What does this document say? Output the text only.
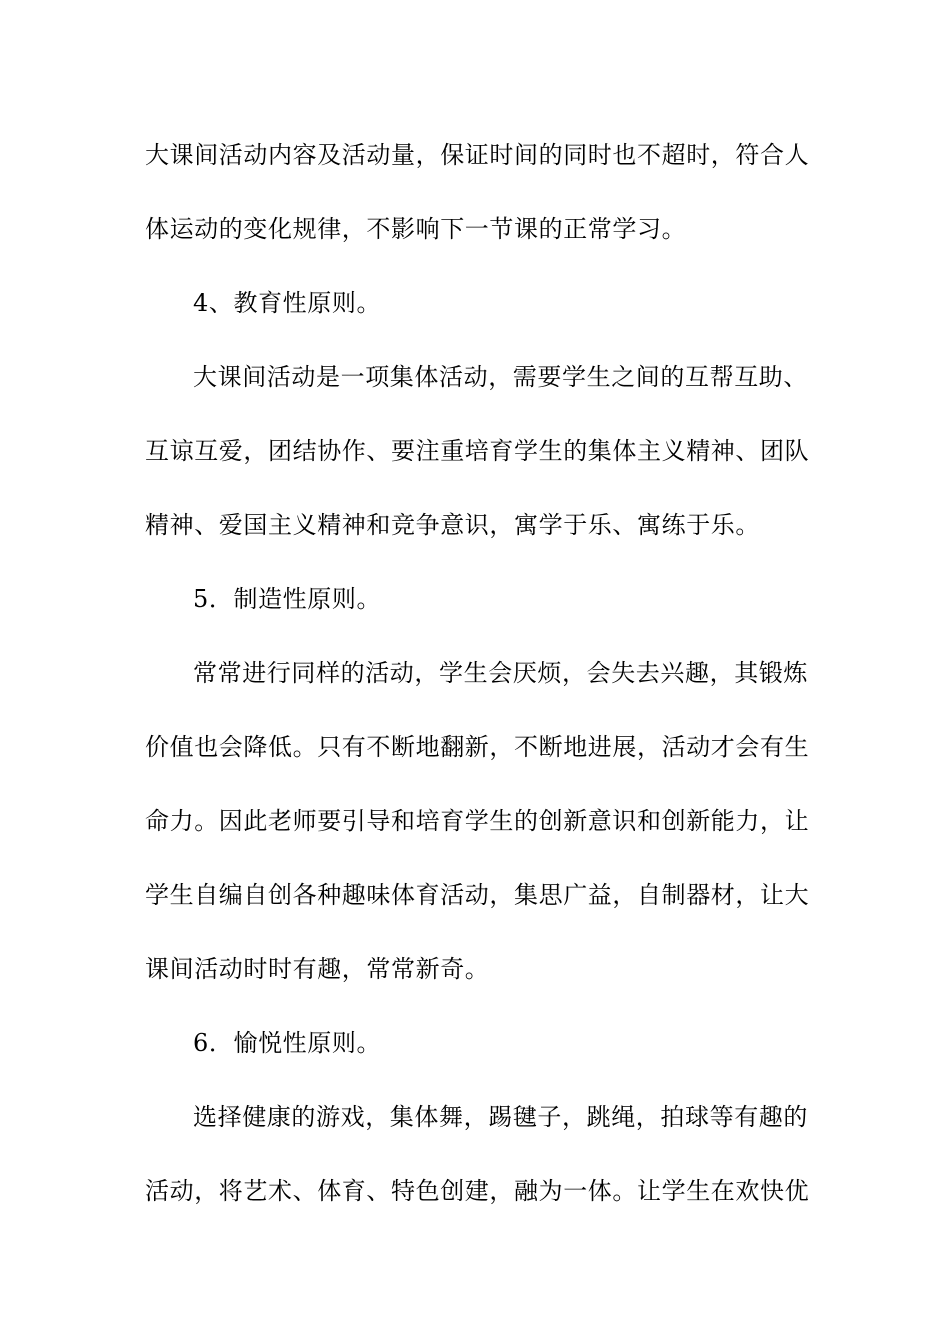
大课间活动内容及活动量，保证时间的同时也不超时，符合人
体运动的变化规律，不影响下一节课的正常学习。
4、教育性原则。
大课间活动是一项集体活动，需要学生之间的互帮互助、
互谅互爱，团结协作、要注重培育学生的集体主义精神、团队
精神、爱国主义精神和竞争意识，寓学于乐、寓练于乐。
5．制造性原则。
常常进行同样的活动，学生会厌烦，会失去兴趣，其锻炼
价值也会降低。只有不断地翻新，不断地进展，活动才会有生
命力。因此老师要引导和培育学生的创新意识和创新能力，让
学生自编自创各种趣味体育活动，集思广益，自制器材，让大
课间活动时时有趣，常常新奇。
6．愉悦性原则。
选择健康的游戏，集体舞，踢毽子，跳绳，拍球等有趣的
活动，将艺术、体育、特色创建，融为一体。让学生在欢快优
